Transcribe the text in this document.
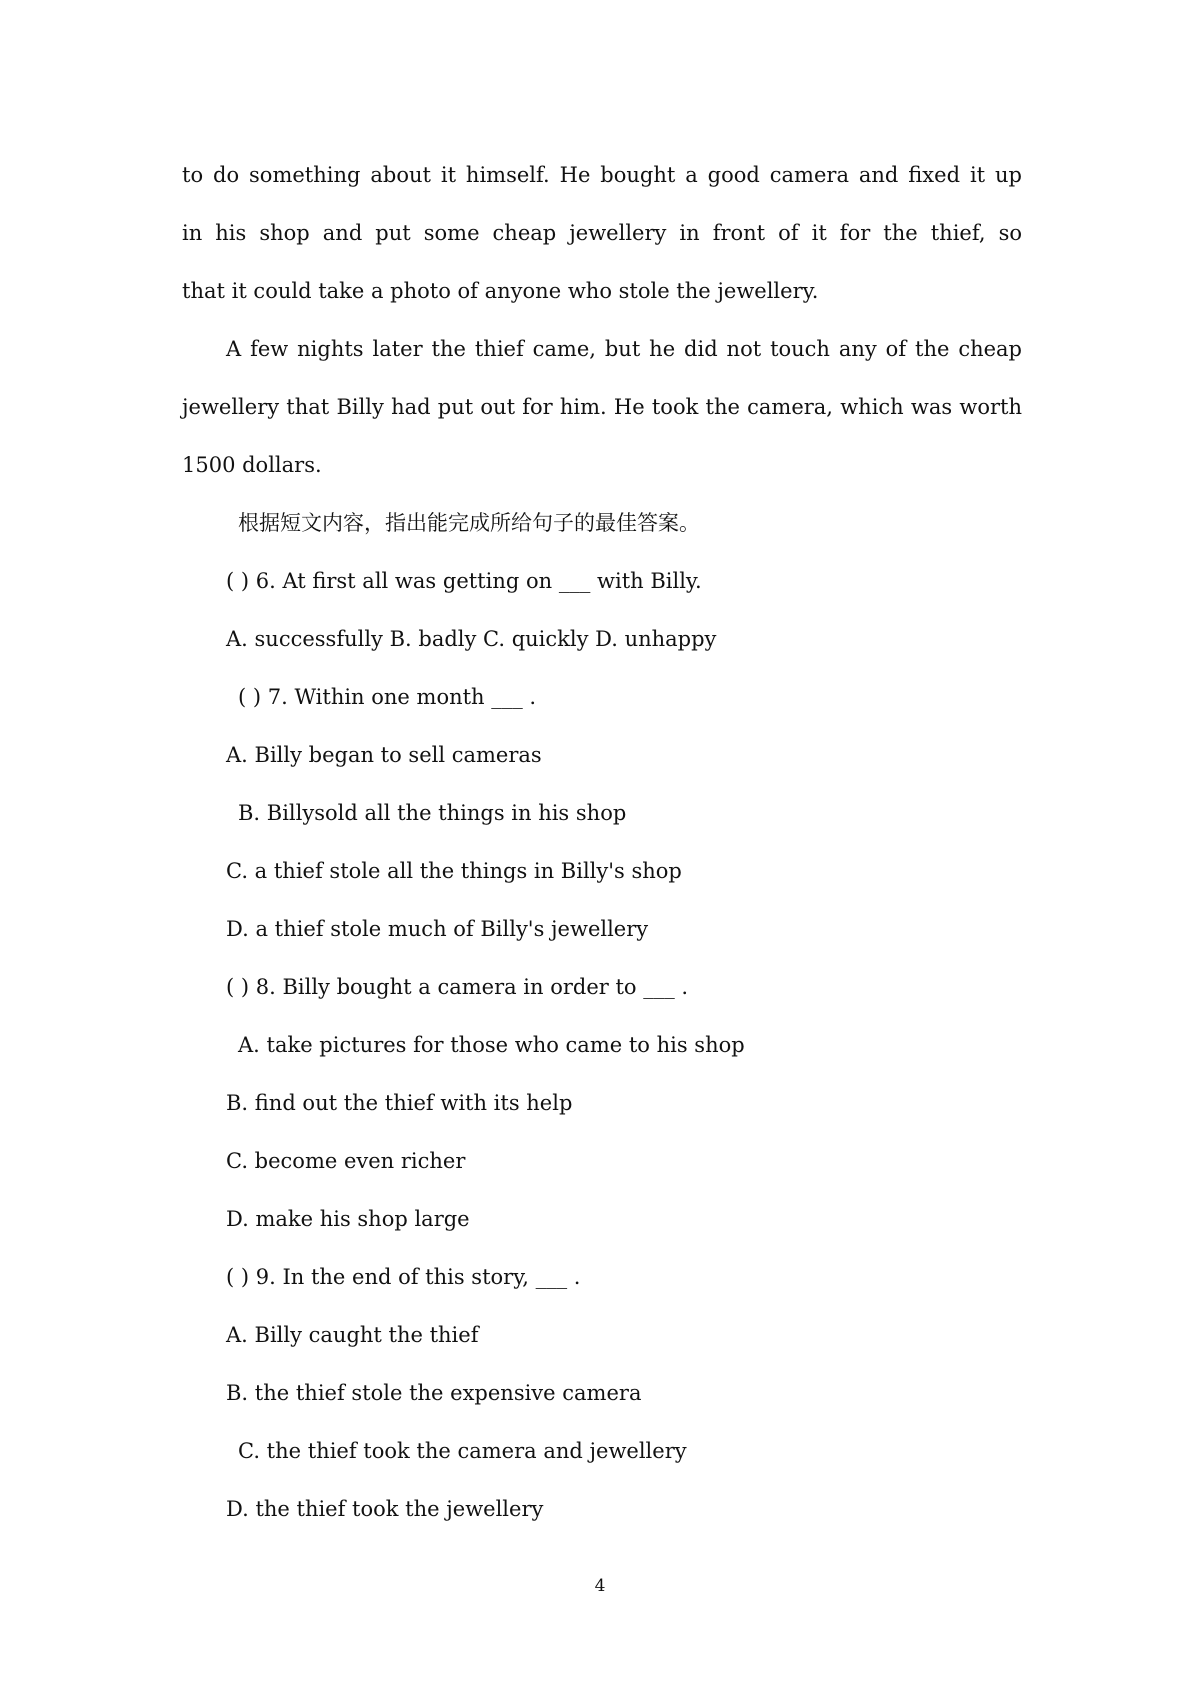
to do something about it himself. He bought a good camera and fixed it up
in his shop and put some cheap jewellery in front of it for the thief, so
that it could take a photo of anyone who stole the jewellery.
A few nights later the thief came, but he did not touch any of the cheap
jewellery that Billy had put out for him. He took the camera, which was worth
1500 dollars.
根据短文内容，指出能完成所给句子的最佳答案。
( ) 6. At first all was getting on ___ with Billy.
A. successfully B. badly C. quickly D. unhappy
( ) 7. Within one month ___ .
A. Billy began to sell cameras
B. Billysold all the things in his shop
C. a thief stole all the things in Billy's shop
D. a thief stole much of Billy's jewellery
( ) 8. Billy bought a camera in order to ___ .
A. take pictures for those who came to his shop
B. find out the thief with its help
C. become even richer
D. make his shop large
( ) 9. In the end of this story, ___ .
A. Billy caught the thief
B. the thief stole the expensive camera
C. the thief took the camera and jewellery
D. the thief took the jewellery
4
